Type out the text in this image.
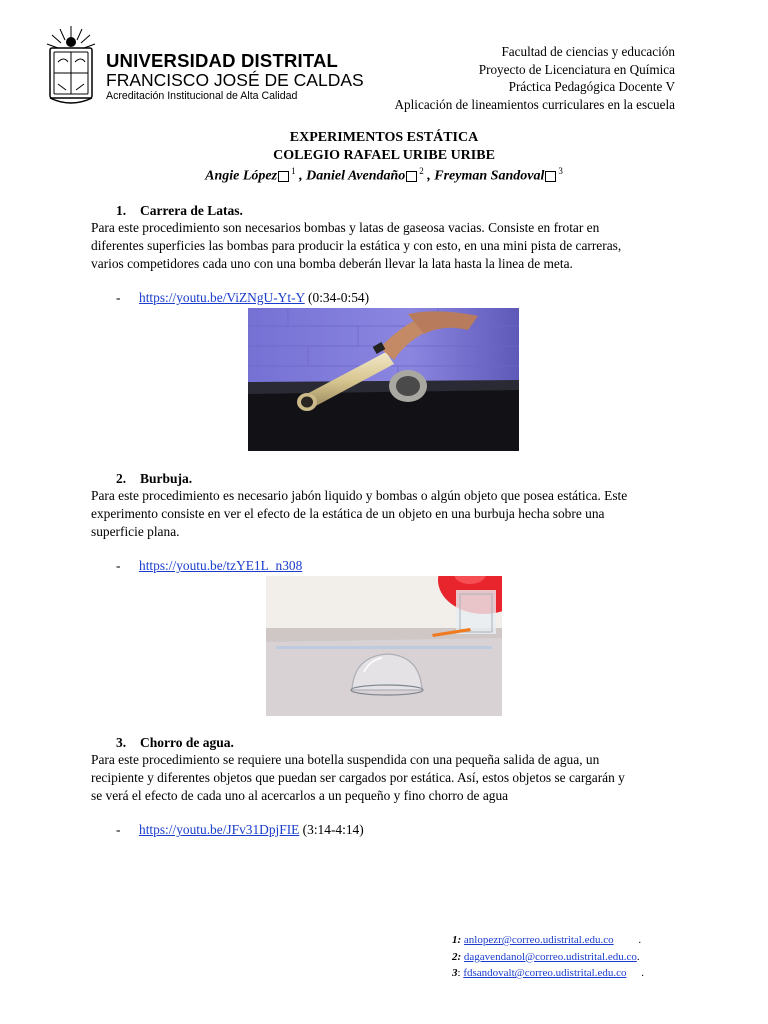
UNIVERSIDAD DISTRITAL
FRANCISCO JOSÉ DE CALDAS
Acreditación Institucional de Alta Calidad
Facultad de ciencias y educación
Proyecto de Licenciatura en Química
Práctica Pedagógica Docente V
Aplicación de lineamientos curriculares en la escuela
EXPERIMENTOS ESTÁTICA
COLEGIO RAFAEL URIBE URIBE
Angie López $^1$ , Daniel Avendaño $^2$ , Freyman Sandoval $^3$
1. Carrera de Latas.
Para este procedimiento son necesarios bombas y latas de gaseosa vacias. Consiste en frotar en
diferentes superficies las bombas para producir la estática y con esto, en una mini pista de carreras,
varios competidores cada uno con una bomba deberán llevar la lata hasta la linea de meta.
- https://youtu.be/ViZNgU-Yt-Y (0:34-0:54)
2. Burbuja.
Para este procedimiento es necesario jabón liquido y bombas o algún objeto que posea estática. Este
experimento consiste en ver el efecto de la estática de un objeto en una burbuja hecha sobre una
superficie plana.
- https://youtu.be/tzYE1L_n308
3. Chorro de agua.
Para este procedimiento se requiere una botella suspendida con una pequeña salida de agua, un
recipiente y diferentes objetos que puedan ser cargados por estática. Así, estos objetos se cargarán y
se verá el efecto de cada uno al acercarlos a un pequeño y fino chorro de agua
- https://youtu.be/JFv31DpjFIE (3:14-4:14)
1: anlopezr@correo.udistrital.edu.co .
2: dagavendanol@correo.udistrital.edu.co.
3: fdsandovalt@correo.udistrital.edu.co .
